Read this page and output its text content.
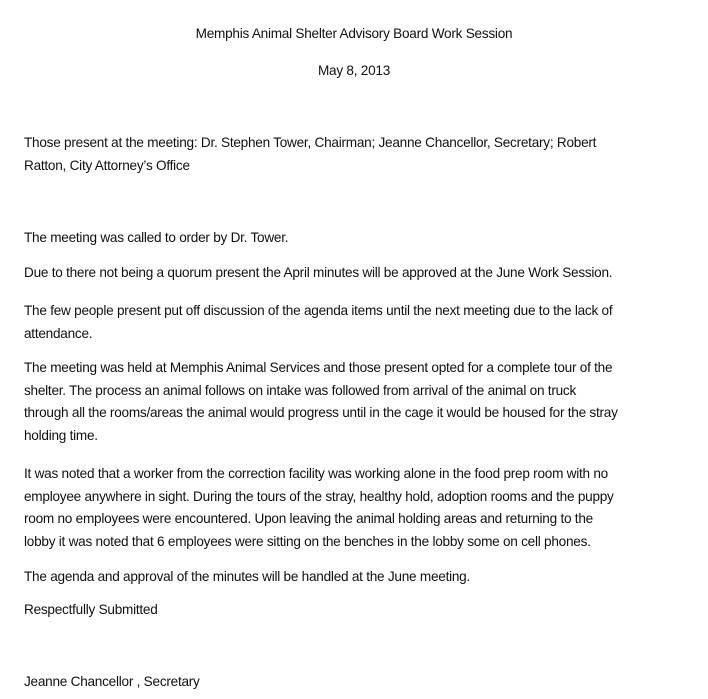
Memphis Animal Shelter Advisory Board Work Session
May 8, 2013
Those present at the meeting: Dr. Stephen Tower, Chairman; Jeanne Chancellor, Secretary; Robert
Ratton, City Attorney’s Office
The meeting was called to order by Dr. Tower.
Due to there not being a quorum present the April minutes will be approved at the June Work Session.
The few people present put off discussion of the agenda items until the next meeting due to the lack of
attendance.
The meeting was held at Memphis Animal Services and those present opted for a complete tour of the
shelter. The process an animal follows on intake was followed from arrival of the animal on truck
through all the rooms/areas the animal would progress until in the cage it would be housed for the stray
holding time.
It was noted that a worker from the correction facility was working alone in the food prep room with no
employee anywhere in sight. During the tours of the stray, healthy hold, adoption rooms and the puppy
room no employees were encountered. Upon leaving the animal holding areas and returning to the
lobby it was noted that 6 employees were sitting on the benches in the lobby some on cell phones.
The agenda and approval of the minutes will be handled at the June meeting.
Respectfully Submitted
Jeanne Chancellor , Secretary
